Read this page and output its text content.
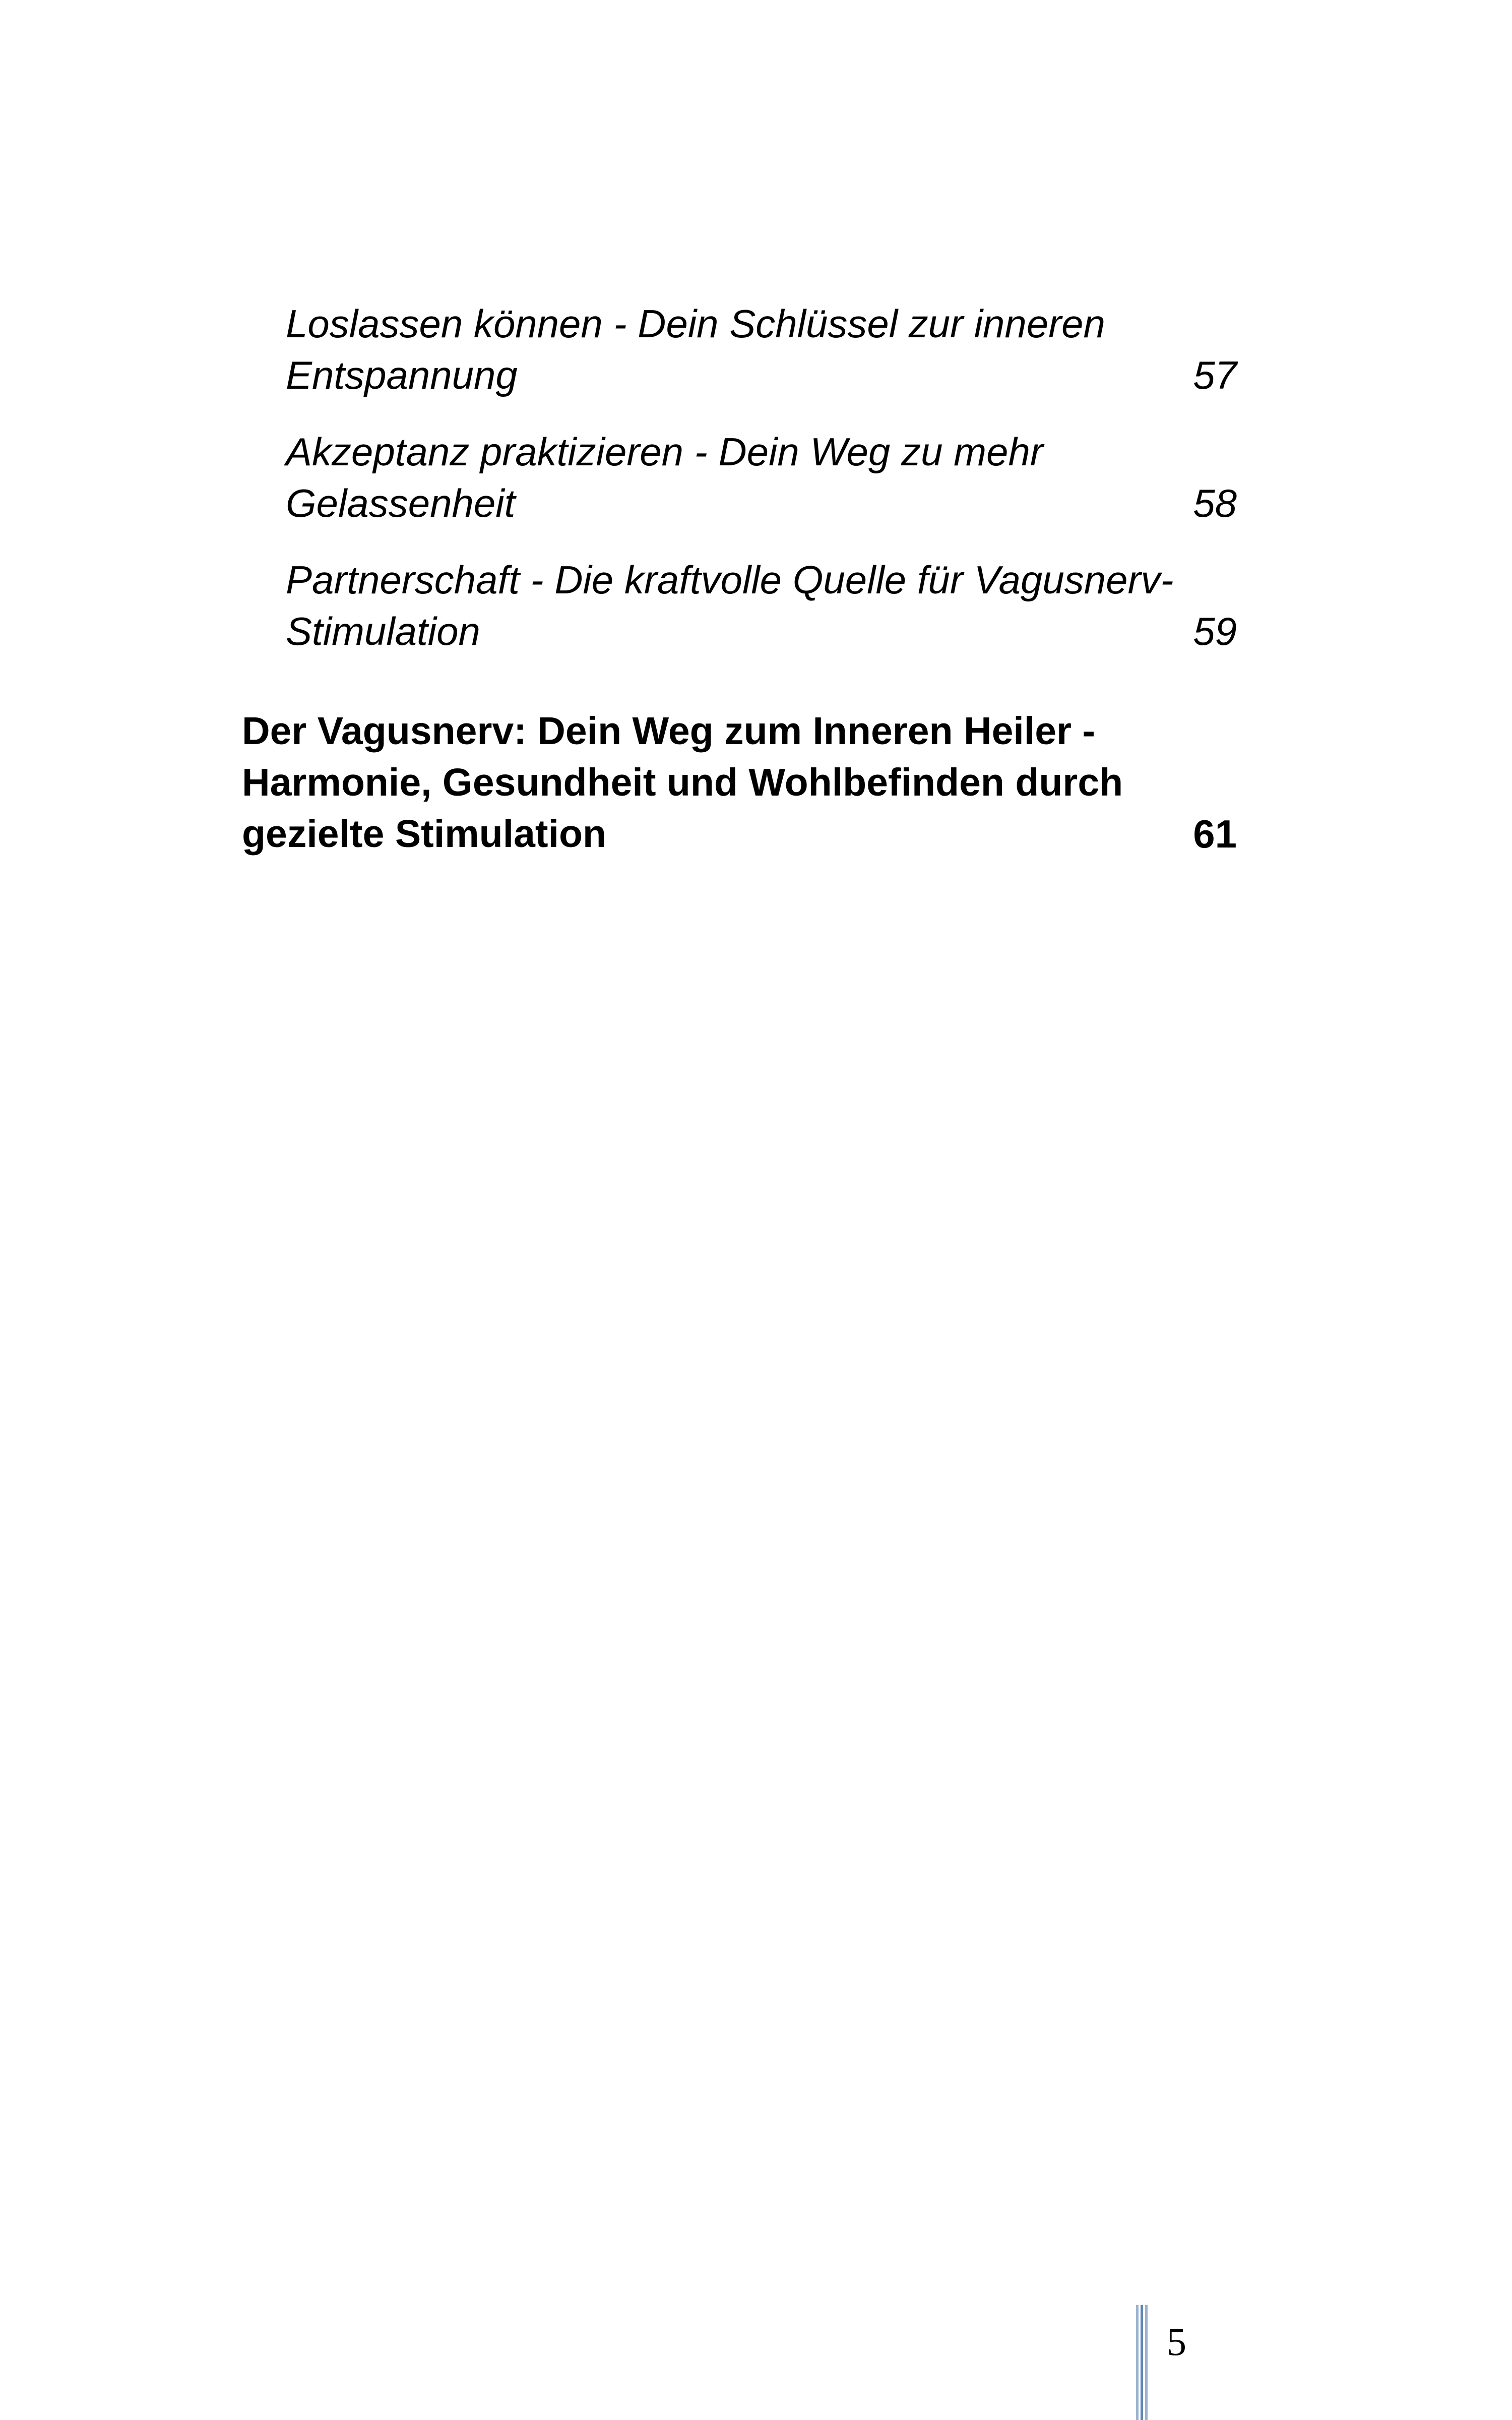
Loslassen können - Dein Schlüssel zur inneren
Entspannung	57
Akzeptanz praktizieren - Dein Weg zu mehr
Gelassenheit	58
Partnerschaft - Die kraftvolle Quelle für Vagusnerv-
Stimulation	59
Der Vagusnerv: Dein Weg zum Inneren Heiler -
Harmonie, Gesundheit und Wohlbefinden durch
gezielte Stimulation	61
5
